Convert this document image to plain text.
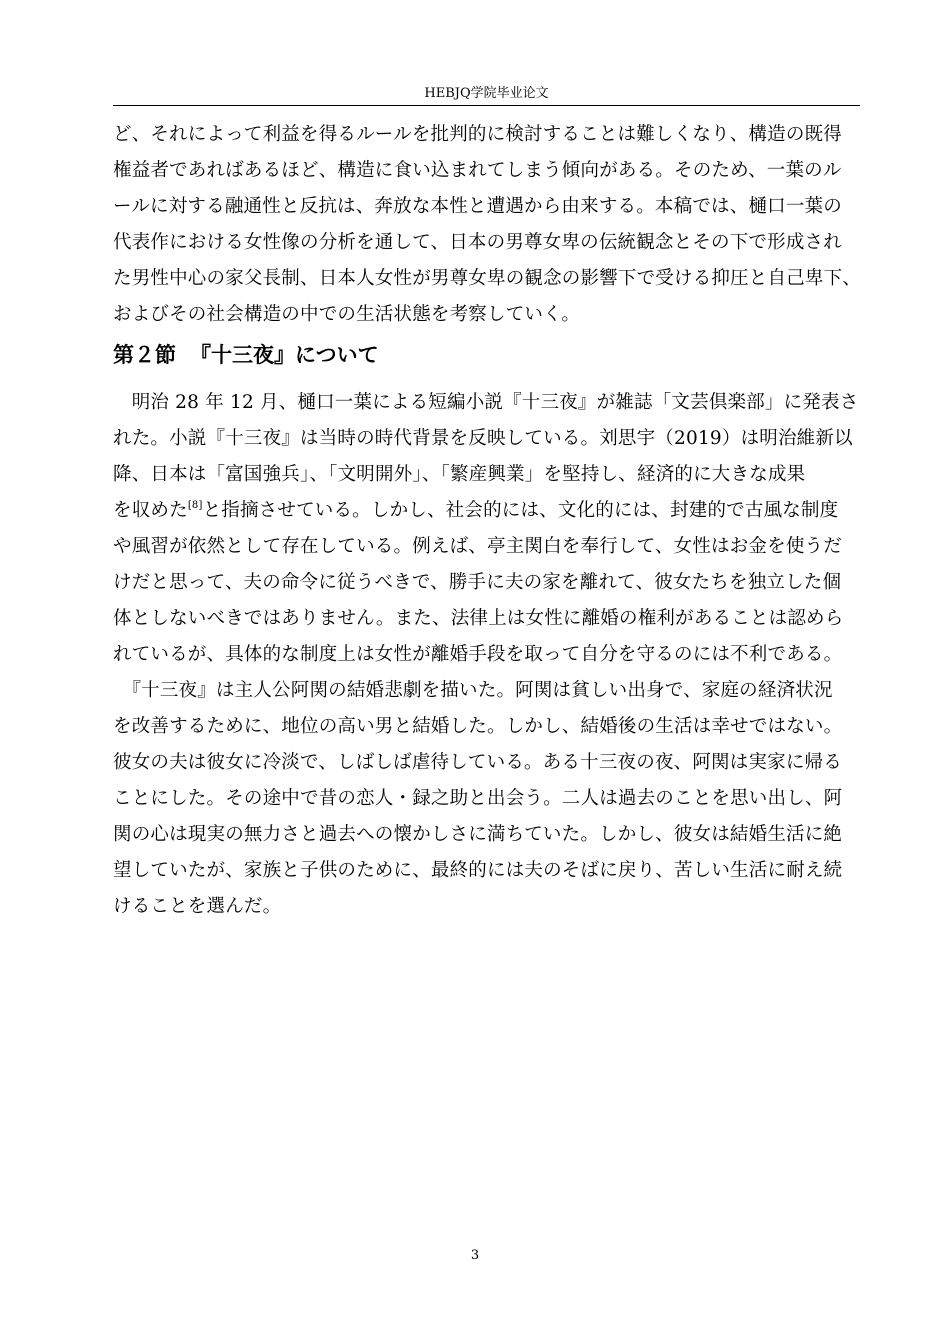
HEBJQ学院毕业论文
ど、それによって利益を得るルールを批判的に検討することは難しくなり、構造の既得
権益者であればあるほど、構造に食い込まれてしまう傾向がある。そのため、一葉のル
ールに対する融通性と反抗は、奔放な本性と遭遇から由来する。本稿では、樋口一葉の
代表作における女性像の分析を通して、日本の男尊女卑の伝統観念とその下で形成され
た男性中心の家父長制、日本人女性が男尊女卑の観念の影響下で受ける抑圧と自己卑下、
およびその社会構造の中での生活状態を考察していく。
第２節 『十三夜』について
　明治 28 年 12 月、樋口一葉による短編小説『十三夜』が雑誌「文芸倶楽部」に発表さ
れた。小説『十三夜』は当時の時代背景を反映している。刘思宇（2019）は明治維新以
降、日本は「富国強兵」、「文明開外」、「繁産興業」を堅持し、経済的に大きな成果
を収めた[8]と指摘させている。しかし、社会的には、文化的には、封建的で古風な制度
や風習が依然として存在している。例えば、亭主関白を奉行して、女性はお金を使うだ
けだと思って、夫の命令に従うべきで、勝手に夫の家を離れて、彼女たちを独立した個
体としないべきではありません。また、法律上は女性に離婚の権利があることは認めら
れているが、具体的な制度上は女性が離婚手段を取って自分を守るのには不利である。
　『十三夜』は主人公阿関の結婚悲劇を描いた。阿関は貧しい出身で、家庭の経済状況
を改善するために、地位の高い男と結婚した。しかし、結婚後の生活は幸せではない。
彼女の夫は彼女に冷淡で、しばしば虐待している。ある十三夜の夜、阿関は実家に帰る
ことにした。その途中で昔の恋人・録之助と出会う。二人は過去のことを思い出し、阿
関の心は現実の無力さと過去への懐かしさに満ちていた。しかし、彼女は結婚生活に絶
望していたが、家族と子供のために、最終的には夫のそばに戻り、苦しい生活に耐え続
けることを選んだ。
3
